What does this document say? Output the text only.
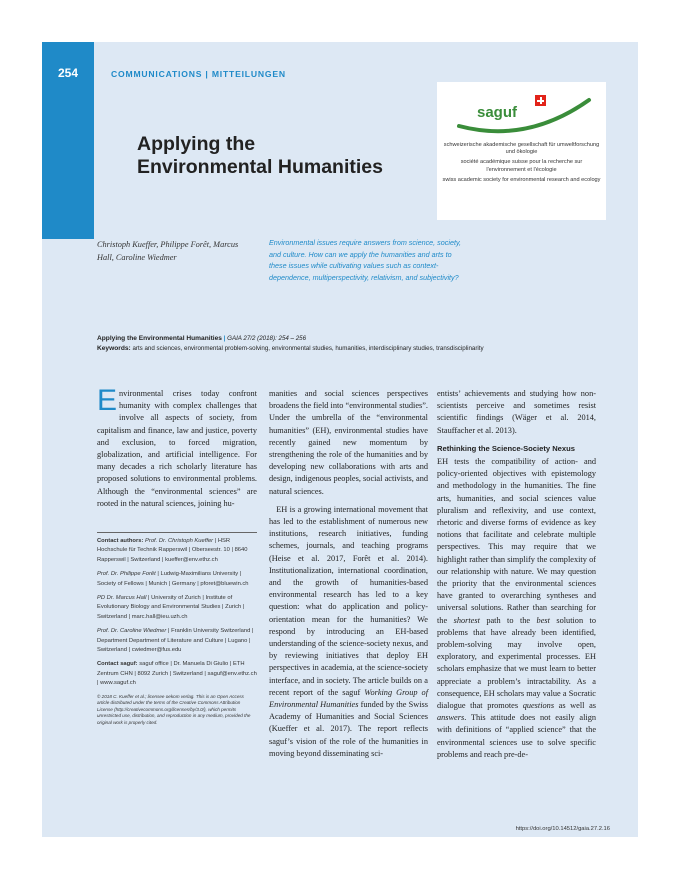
254	COMMUNICATIONS | MITTEILUNGEN
Applying the
Environmental Humanities
saguf

schweizerische akademische gesellschaft für umweltforschung und ökologie

société académique suisse pour la recherche sur l'environnement et l'écologie

swiss academic society for environmental research and ecology

Christoph Kueffer, Philippe Forêt, Marcus Hall, Caroline Wiedmer
Environmental issues require answers from science, society, and culture. How can we apply the humanities and arts to these issues while cultivating values such as context-dependence, multiperspectivity, relativism, and subjectivity?
Applying the Environmental Humanities | GAIA 27/2 (2018): 254 – 256
Keywords: arts and sciences, environmental problem-solving, environmental studies, humanities, interdisciplinary studies, transdisciplinarity

Environmental crises today confront humanity with complex challenges that involve all aspects of society, from capitalism and finance, law and justice, poverty and exclusion, to forced migration, globalization, and artificial intelligence. For many decades a rich scholarly literature has proposed solutions to environmental problems. Although the “environmental sciences” are rooted in the natural sciences, joining hu-

Contact authors: Prof. Dr. Christoph Kueffer | HSR Hochschule für Technik Rapperswil | Oberseestr. 10 | 8640 Rapperswil | Switzerland | kueffer@env.ethz.ch

Prof. Dr. Philippe Forêt | Ludwig-Maximilians University | Society of Fellows | Munich | Germany | pforet@bluewin.ch

PD Dr. Marcus Hall | University of Zurich | Institute of Evolutionary Biology and Environmental Studies | Zurich | Switzerland | marc.hall@ieu.uzh.ch

Prof. Dr. Caroline Wiedmer | Franklin University Switzerland | Department Department of Literature and Culture | Lugano | Switzerland | cwiedmer@fus.edu

Contact saguf: saguf office | Dr. Manuela Di Giulio | ETH Zentrum CHN | 8092 Zurich | Switzerland | saguf@env.ethz.ch | www.saguf.ch

© 2018 C. Kueffer et al.; licensee oekom verlag. This is an Open Access article distributed under the terms of the Creative Commons Attribution License (http://creativecommons.org/licenses/by/3.0/), which permits unrestricted use, distribution, and reproduction in any medium, provided the original work is properly cited.

manities and social sciences perspectives broadens the field into “environmental studies”. Under the umbrella of the “environmental humanities” (EH), environmental studies have recently gained new momentum by strengthening the role of the humanities and by developing new collaborations with arts and design, indigenous peoples, social activists, and natural sciences.

EH is a growing international movement that has led to the establishment of numerous new institutions, research initiatives, funding schemes, journals, and teaching programs (Heise et al. 2017, Forêt et al. 2014). Institutionalization, international coordination, and the growth of humanities-based environmental research has led to a key question: what do application and policy-orientation mean for the humanities? We respond by introducing an EH-based understanding of the science-society nexus, and by reviewing initiatives that deploy EH perspectives in academia, at the science-society interface, and in society. The article builds on a recent report of the saguf Working Group of Environmental Humanities funded by the Swiss Academy of Humanities and Social Sciences (Kueffer et al. 2017). The report reflects saguf’s vision of the role of the humanities in moving beyond disseminating sci-

entists’ achievements and studying how non-scientists perceive and sometimes resist scientific findings (Wäger et al. 2014, Stauffacher et al. 2013).

Rethinking the Science-Society Nexus

EH tests the compatibility of action- and policy-oriented objectives with epistemology and methodology in the humanities. The fine arts, humanities, and social sciences value pluralism and reflexivity, and use context, rhetoric and diverse forms of evidence as key notions that facilitate and celebrate multiple perspectives. This may require that we highlight rather than simplify the complexity of our relationship with nature. We may question the priority that the environmental sciences have granted to overarching syntheses and universal solutions. Rather than searching for the shortest path to the best solution to problems that have already been identified, problem-solving may involve open, exploratory, and experimental processes. EH scholars emphasize that we must learn to better appreciate a problem’s intractability. As a consequence, EH scholars may value a Socratic dialogue that promotes questions as well as answers. This attitude does not easily align with definitions of “applied science” that the environmental sciences use to solve specific problems and reach pre-de-

https://doi.org/10.14512/gaia.27.2.16
